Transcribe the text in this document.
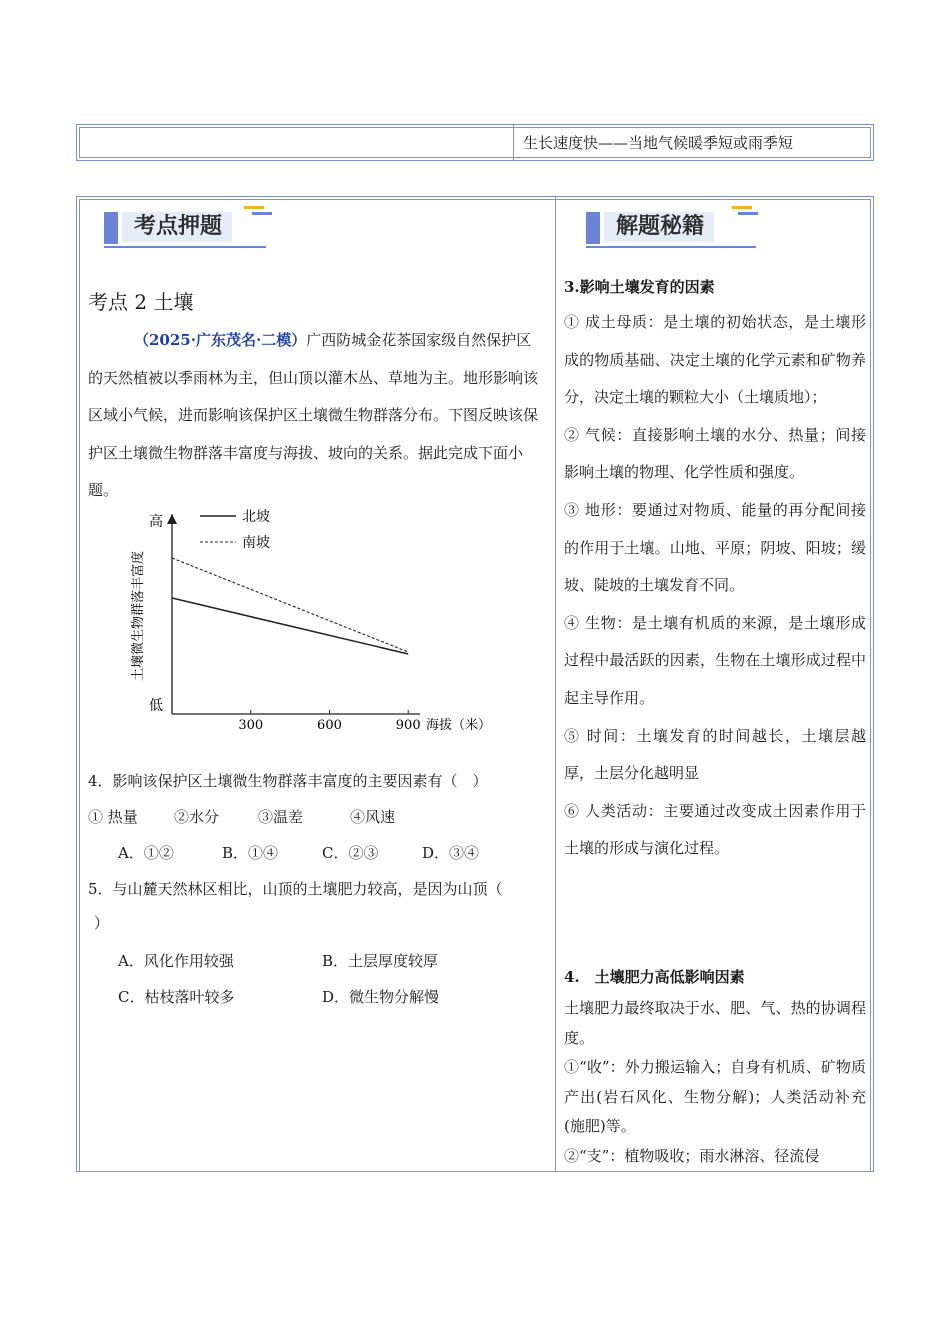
生长速度快——当地气候暖季短或雨季短
考点押题	解题秘籍
考点 2 土壤
（2025·广东茂名·二模）广西防城金花茶国家级自然保护区的天然植被以季雨林为主，但山顶以灌木丛、草地为主。地形影响该区域小气候，进而影响该保护区土壤微生物群落分布。下图反映该保护区土壤微生物群落丰富度与海拔、坡向的关系。据此完成下面小题。
高
低
土壤微生物群落丰富度
300	600	900 海拔（米）
北坡
南坡
4．影响该保护区土壤微生物群落丰富度的主要因素有（　）
① 热量 ②水分	③温差	④风速
A．①②	B．①④	C．②③	D．③④
5．与山麓天然林区相比，山顶的土壤肥力较高，是因为山顶（
）
A．风化作用较强	B．土层厚度较厚
C．枯枝落叶较多	D．微生物分解慢
3.影响土壤发育的因素
① 成土母质：是土壤的初始状态，是土壤形成的物质基础、决定土壤的化学元素和矿物养分，决定土壤的颗粒大小（土壤质地）；
② 气候：直接影响土壤的水分、热量；间接影响土壤的物理、化学性质和强度。
③ 地形：要通过对物质、能量的再分配间接的作用于土壤。山地、平原；阴坡、阳坡；缓坡、陡坡的土壤发育不同。
④ 生物：是土壤有机质的来源，是土壤形成过程中最活跃的因素，生物在土壤形成过程中起主导作用。
⑤ 时间：土壤发育的时间越长，土壤层越厚，土层分化越明显
⑥ 人类活动：主要通过改变成土因素作用于土壤的形成与演化过程。
4.　土壤肥力高低影响因素
土壤肥力最终取决于水、肥、气、热的协调程度。
①“收”：外力搬运输入；自身有机质、矿物质产出(岩石风化、生物分解)；人类活动补充(施肥)等。
②“支”：植物吸收；雨水淋溶、径流侵
